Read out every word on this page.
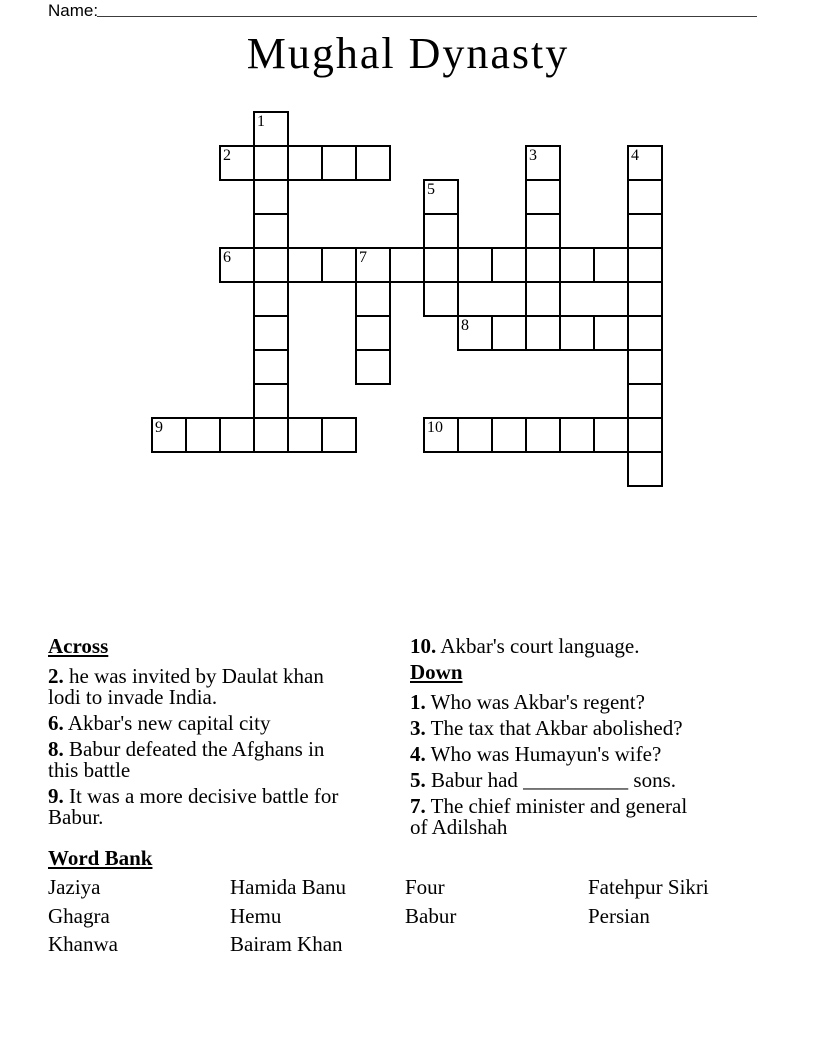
Name:
Mughal Dynasty
1
2	3	4
5
6	7
8
9	10
Across
2. he was invited by Daulat khan lodi to invade India.
6. Akbar's new capital city
8. Babur defeated the Afghans in this battle
9. It was a more decisive battle for Babur.
10. Akbar's court language.
Down
1. Who was Akbar's regent?
3. The tax that Akbar abolished?
4. Who was Humayun's wife?
5. Babur had __________ sons.
7. The chief minister and general of Adilshah
Word Bank
Jaziya
Ghagra
Khanwa
Hamida Banu
Hemu
Bairam Khan
Four
Babur
Fatehpur Sikri
Persian
